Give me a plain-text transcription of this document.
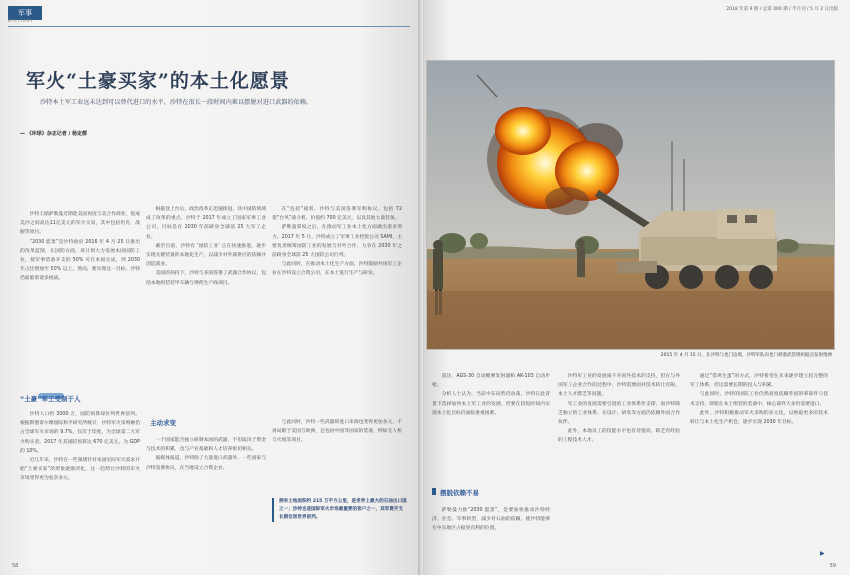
军事
MILITARY
军火“土豪买家”的本土化愿景
沙特本土军工业远未达到可以替代进口的水平，沙特在很长一段时间内难以摆脱对进口武器的依赖。
— 《环球》杂志记者 / 杨定都

沙特王储萨勒曼近期赴美国再度与美合作商业，促成美沙之间高达11亿美元的军火交易，其中包括坦克、战舰等项目。

“2030 愿景”是沙特政府 2016 年 4 月 25 日推出的改革蓝图，在国防方面，该计划大力发展本国国防工业，使军事装备开支的 50% 可在本国完成，到 2030 年占比增加至 50% 以上。然而，要实现这一目标，沙特仍面临着诸多挑战。

“土豪”军工受制于人

沙特人口约 3000 万，国防预算却位列世界前列。根据斯德哥尔摩国际和平研究所统计，沙特军火采购额仍占全球军火市场的 9.7%，仅次于印度，为全球第二大军火购买者。2017 年其国防预算达 670 亿美元，为 GDP 的 10%。

近几年来，沙特在一些领域针对本国实际军火需求开始“土豪买家”的形象逐渐淡化，这一趋势让沙特的军火市场变得更为复杂多元。

根据登上台后，政治改革正迅速推进，其中国防领域成了改革的重点，沙特于 2017 年成立了国家军事工业公司，目标是在 2030 年前跻身全球前 25 大军工企业。

截至目前，沙特有 ‘国防工业’ 正在快速推进，逐步实现关键装备的本地化生产，以减少对外部供应的依赖并创造就业。

美国的扶持下，沙特与多国签署了武器合作协议，包括本地组装装甲车辆与弹药生产线项目。

主动求变

一个国家能否独立研制本国的武器，不但取决于资金与技术的积累，也与产业基础和人才培养密切相关。

据媒体报道，沙特除了大量进口武器外，一些国家与沙特签署协议，在当地设立合资企业。

在“包括”战机、沙特与美国签署军购协议，包括 72 架“台风”战斗机、价值约 700 亿美元，以及其他大量装备。

萨勒曼掌权之后，在推动军工业本土化方面做出诸多努力。2017 年 5 月，沙特成立了军事工业控股公司 SAMI，主要负责统筹国防工业的发展与对外合作，力争在 2030 年之前跻身全球前 25 大国防公司行列。

与此同时，在推动本土化生产方面，沙特鼓励外国军工企业在沙特设立合资公司，在本土进行生产与研发。

与此同时，沙特一些武器的进口来源也变得更加多元，不再局限于美国与欧洲，还包括中国等国家的装备，例如无人机与火炮等项目。

拥有土地面积约 215 万平方公里，是世界上最大的石油出口国之一；沙特也是国际军火市场最重要的客户之一，其军费开支长期位居世界前列。
58
2018 年第 9 期 / 总第 000 期 / 半月刊 / 5 月 2 日出版
59
2015 年 4 月 15 日，在沙特与也门边境，沙特军队向也门胡塞武装组织据点发射炮弹

雷达、AGS-30 自动榴弹发射器和 AK-103 自动步枪。

分析人士认为，当前中东局势仍动荡，沙特在此背景下选择加快本土军工业的发展，但要在较短时间内实现本土化目标仍面临重重困难。

摆脱依赖不易

萨勒曼力推“2030 愿景”，是要加快推动沙特经济、社会、军事转型，减少对石油的依赖，使沙特能够在中东地区占据更有利的位置。

沙特军工业的发展离不开国外技术的支持，但在与外国军工企业合作的过程中，沙特需要面对技术转让有限、本土人才匮乏等问题。

军工业的发展需要引进的工业体系作支撑，而沙特缺乏独立的工业体系，在设计、研发等方面仍依赖外国合作伙伴。

此外，本地员工的技能水平也有待提高，缺乏有经验的工程技术人才。

通过“借鸡生蛋”的方式，沙特希望在未来逐步建立起完整的军工体系，但这需要长期的投入与积累。

与此同时，沙特的国防工业仍然高度依赖外国的零部件与技术支持，即使在本土组装的装备中，核心部件大多仍需要进口。

此外，沙特积极推动军火采购的多元化，以换取更多的技术转让与本土化生产机会，逐步实现 2030 年目标。

▶
